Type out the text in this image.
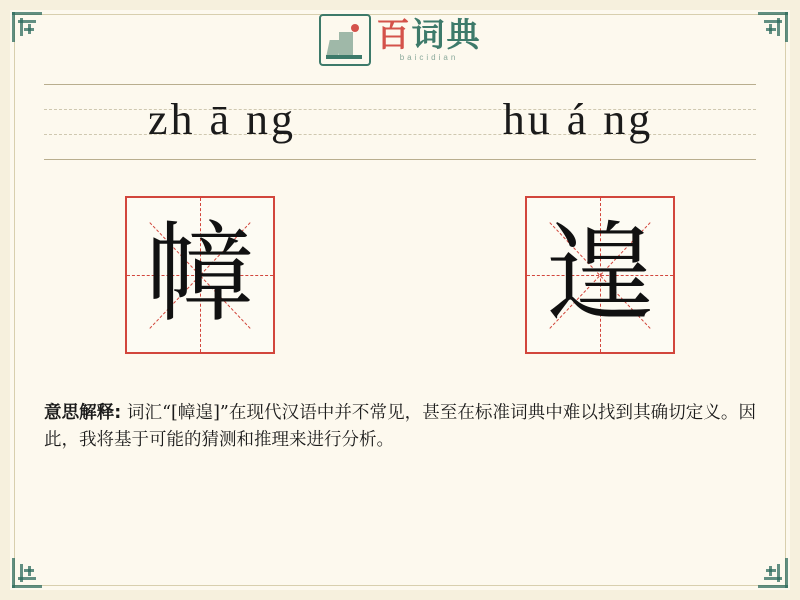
百词典
baicidian
zh ā ng	hu á ng
幛	遑
意思解释: 词汇“[幛遑]”在现代汉语中并不常见，甚至在标准词典中难以找到其确切定义。因此，我将基于可能的猜测和推理来进行分析。
